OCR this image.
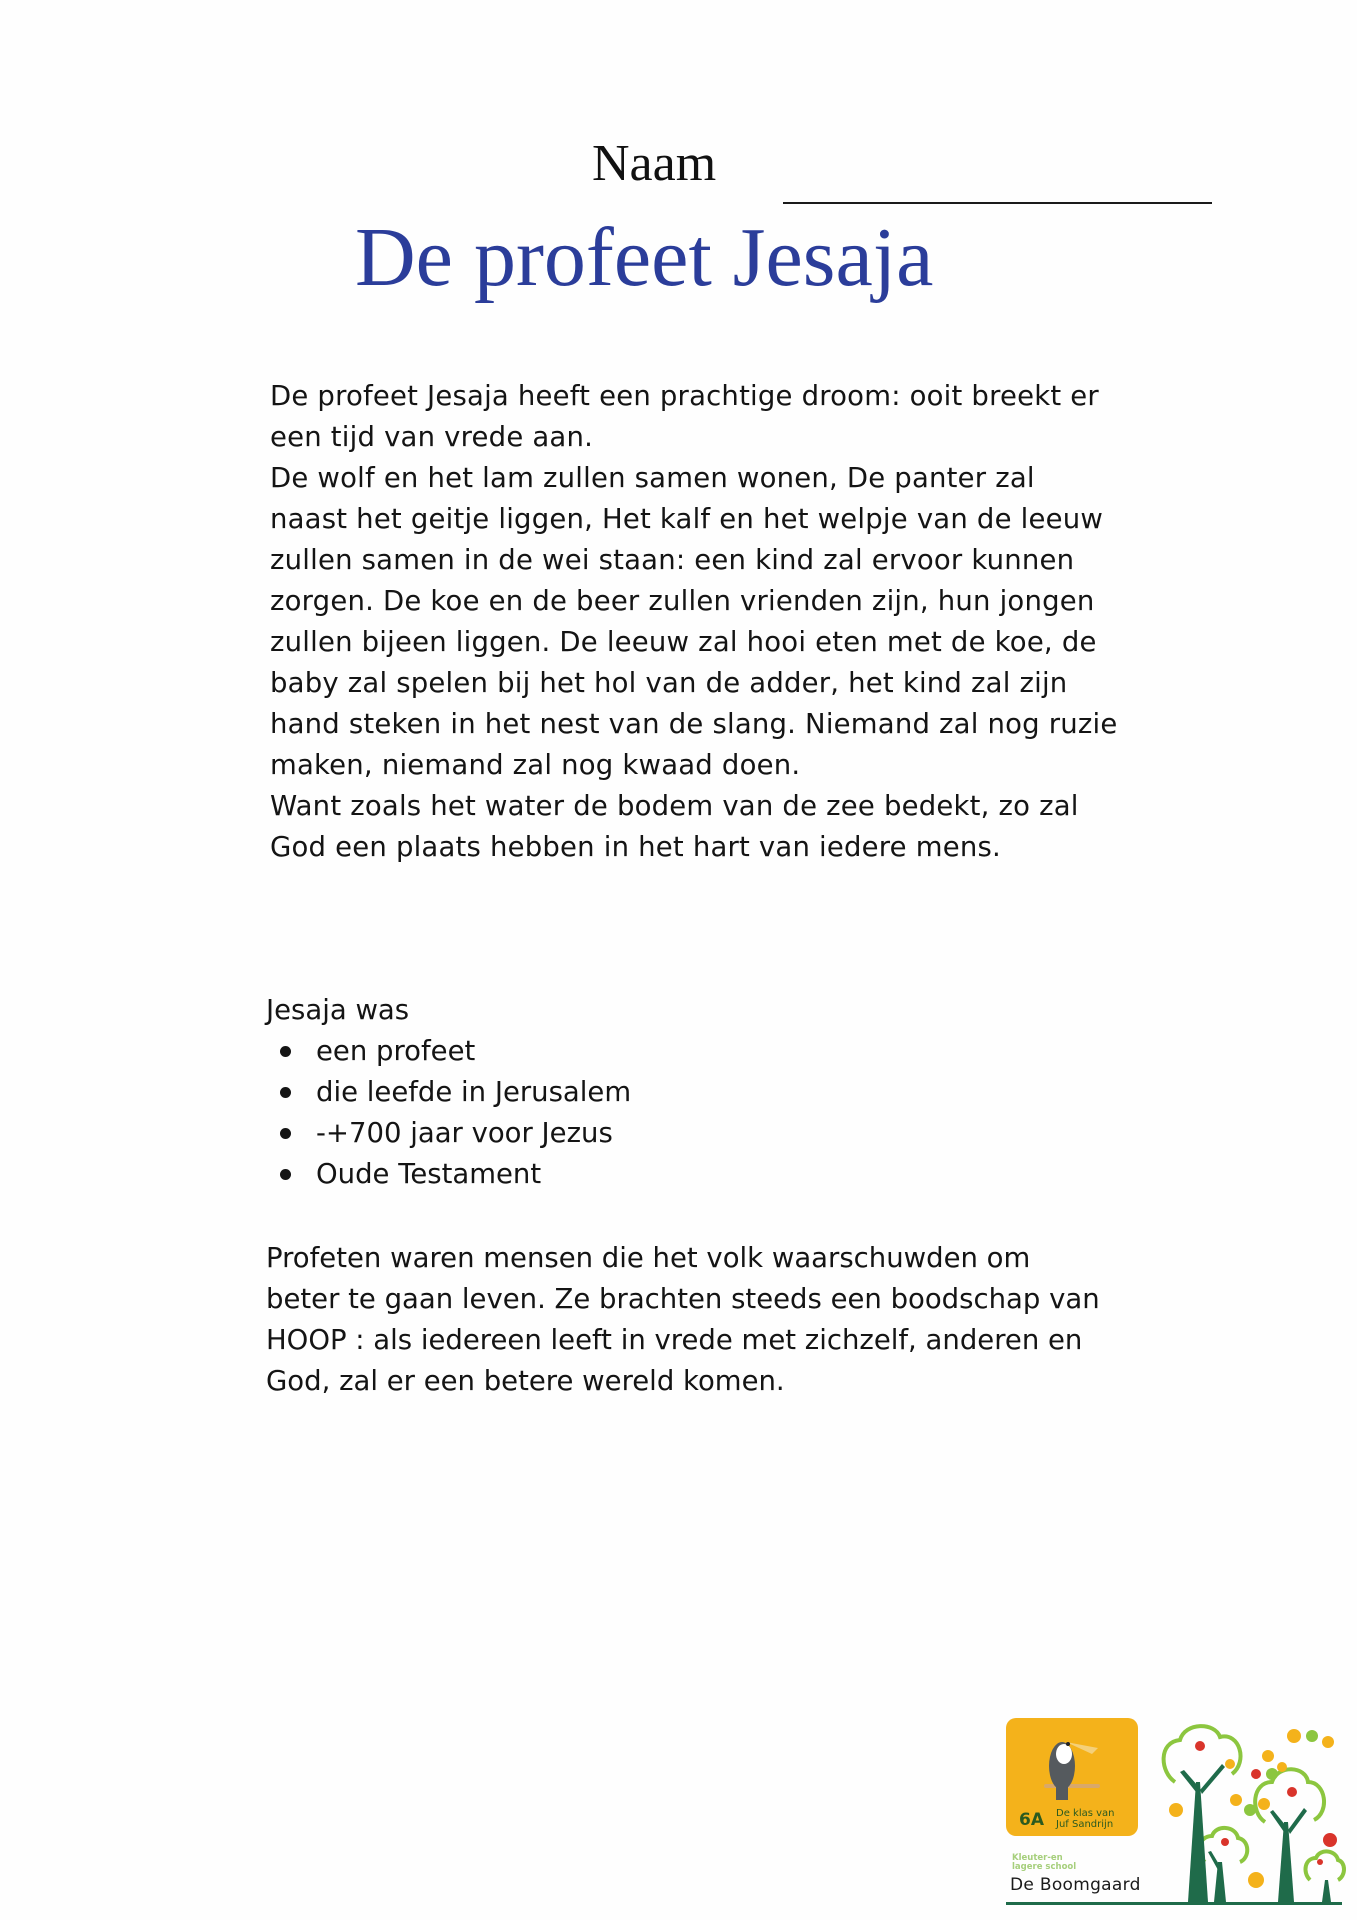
Naam
De profeet Jesaja
De profeet Jesaja heeft een prachtige droom: ooit breekt er
een tijd van vrede aan.
De wolf en het lam zullen samen wonen, De panter zal
naast het geitje liggen, Het kalf en het welpje van de leeuw
zullen samen in de wei staan: een kind zal ervoor kunnen
zorgen. De koe en de beer zullen vrienden zijn, hun jongen
zullen bijeen liggen. De leeuw zal hooi eten met de koe, de
baby zal spelen bij het hol van de adder, het kind zal zijn
hand steken in het nest van de slang. Niemand zal nog ruzie
maken, niemand zal nog kwaad doen.
Want zoals het water de bodem van de zee bedekt, zo zal
God een plaats hebben in het hart van iedere mens.
Jesaja was
een profeet
die leefde in Jerusalem
-+700 jaar voor Jezus
Oude Testament
Profeten waren mensen die het volk waarschuwden om
beter te gaan leven. Ze brachten steeds een boodschap van
HOOP : als iedereen leeft in vrede met zichzelf, anderen en
God, zal er een betere wereld komen.
6A De klas van
Juf Sandrijn
Kleuter-en
lagere school
De Boomgaard
